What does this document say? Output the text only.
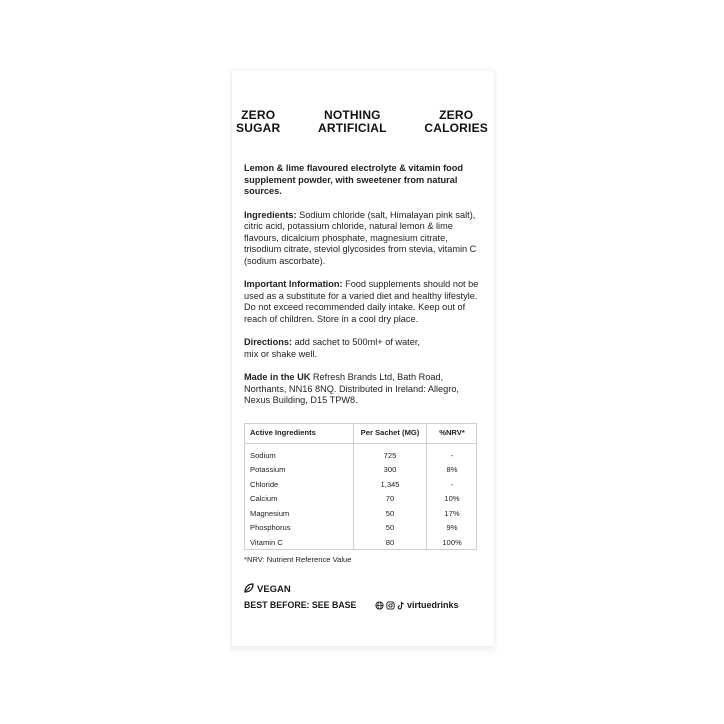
ZERO
SUGAR
NOTHING
ARTIFICIAL
ZERO
CALORIES

Lemon & lime flavoured electrolyte & vitamin food supplement powder, with sweetener from natural sources.

Ingredients: Sodium chloride (salt, Himalayan pink salt), citric acid, potassium chloride, natural lemon & lime flavours, dicalcium phosphate, magnesium citrate, trisodium citrate, steviol glycosides from stevia, vitamin C (sodium ascorbate).

Important Information: Food supplements should not be used as a substitute for a varied diet and healthy lifestyle. Do not exceed recommended daily intake. Keep out of reach of children. Store in a cool dry place.

Directions: add sachet to 500ml+ of water,
mix or shake well.

Made in the UK Refresh Brands Ltd, Bath Road, Northants, NN16 8NQ. Distributed in Ireland: Allegro, Nexus Building, D15 TPW8.

Active Ingredients	Per Sachet (MG)	%NRV*
Sodium	725	-
Potassium	300	8%
Chloride	1,345	-
Calcium	70	10%
Magnesium	50	17%
Phosphorus	50	9%
Vitamin C	80	100%
*NRV: Nutrient Reference Value
VEGAN
BEST BEFORE: SEE BASE	virtuedrinks
